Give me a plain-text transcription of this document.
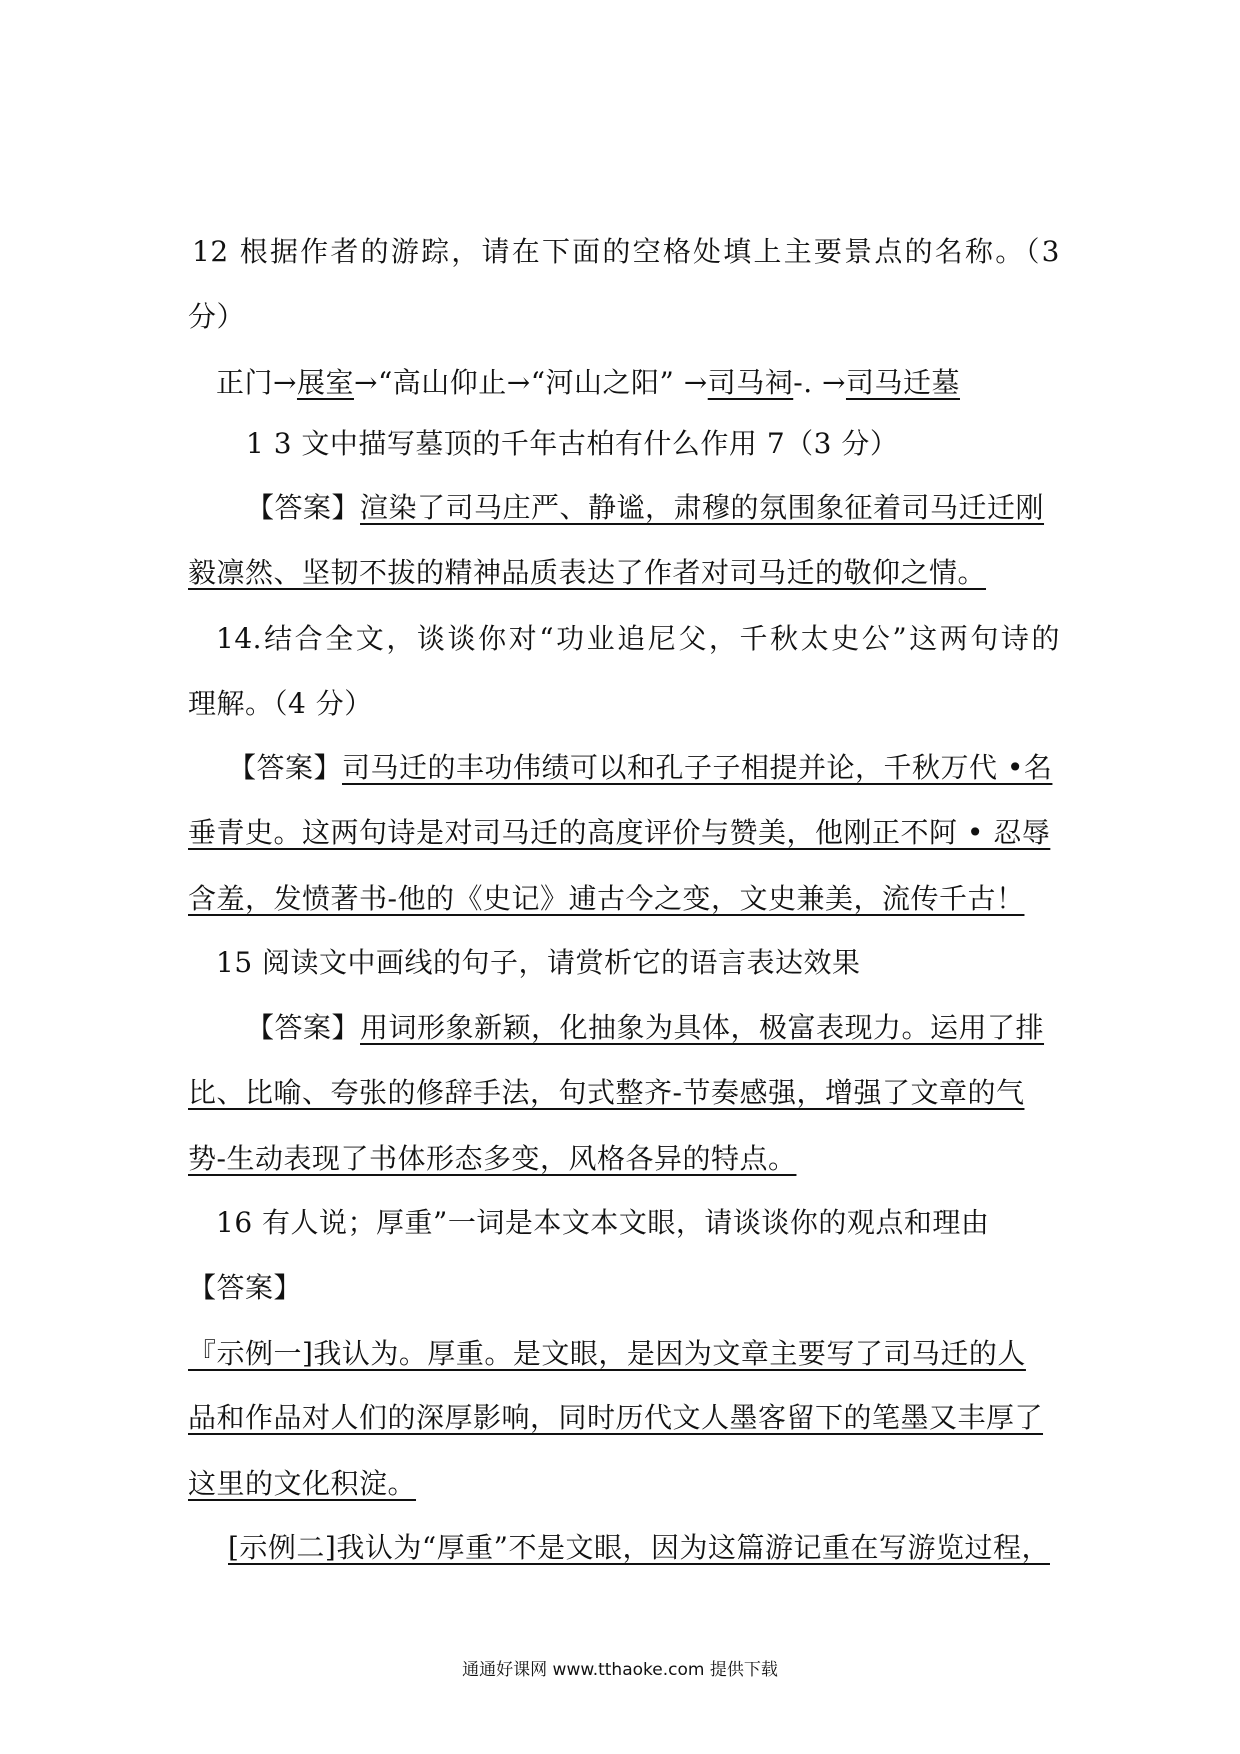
12 根据作者的游踪，请在下面的空格处填上主要景点的名称。（3
分）
正门→展室→“高山仰止→“河山之阳” →司马祠-. →司马迁墓
1 3 文中描写墓顶的千年古柏有什么作用 7（3 分）
【答案】渲染了司马庄严、静谧，肃穆的氛围象征着司马迁迁刚
毅凛然、坚韧不拔的精神品质表达了作者对司马迁的敬仰之情。
14.结合全文，谈谈你对“功业追尼父，千秋太史公”这两句诗的
理解。（4 分）
【答案】司马迁的丰功伟绩可以和孔子子相提并论，千秋万代 •名
垂青史。这两句诗是对司马迁的高度评价与赞美，他刚正不阿 • 忍辱
含羞，发愤著书-他的《史记》逋古今之变，文史兼美，流传千古！
15 阅读文中画线的句子，请赏析它的语言表达效果
【答案】用词形象新颖，化抽象为具体，极富表现力。运用了排
比、比喻、夸张的修辞手法，句式整齐-节奏感强，增强了文章的气
势-生动表现了书体形态多变，风格各异的特点。
16 有人说；厚重”一词是本文本文眼，请谈谈你的观点和理由
【答案】
『示例一]我认为。厚重。是文眼，是因为文章主要写了司马迁的人
品和作品对人们的深厚影响，同时历代文人墨客留下的笔墨又丰厚了
这里的文化积淀。
[示例二]我认为“厚重”不是文眼，因为这篇游记重在写游览过程，
通通好课网 www.tthaoke.com 提供下载
